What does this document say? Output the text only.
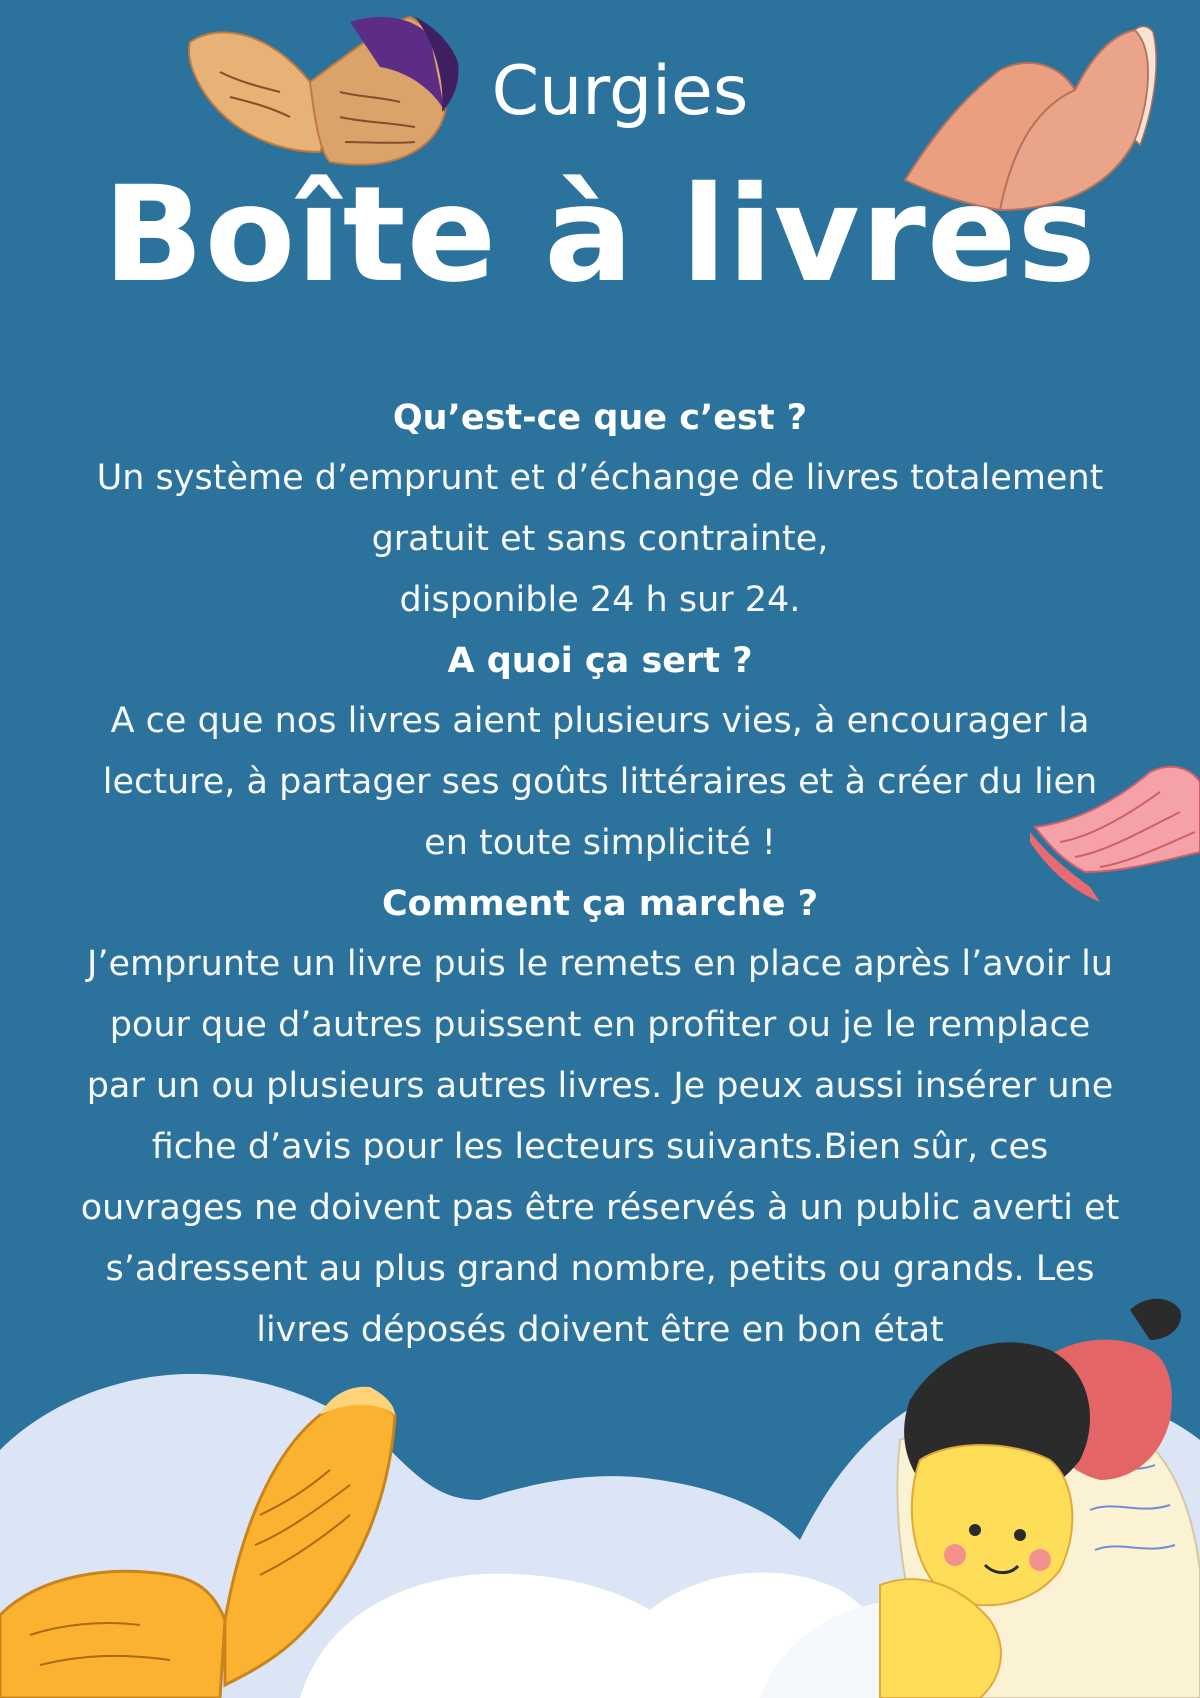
Curgies
Boîte à livres
Qu’est-ce que c’est ?

Un système d’emprunt et d’échange de livres totalement
gratuit et sans contrainte,
disponible 24 h sur 24.

A quoi ça sert ?

A ce que nos livres aient plusieurs vies, à encourager la
lecture, à partager ses goûts littéraires et à créer du lien
en toute simplicité !

Comment ça marche ?

J’emprunte un livre puis le remets en place après l’avoir lu
pour que d’autres puissent en profiter ou je le remplace
par un ou plusieurs autres livres. Je peux aussi insérer une
fiche d’avis pour les lecteurs suivants.Bien sûr, ces
ouvrages ne doivent pas être réservés à un public averti et
s’adressent au plus grand nombre, petits ou grands. Les
livres déposés doivent être en bon état
